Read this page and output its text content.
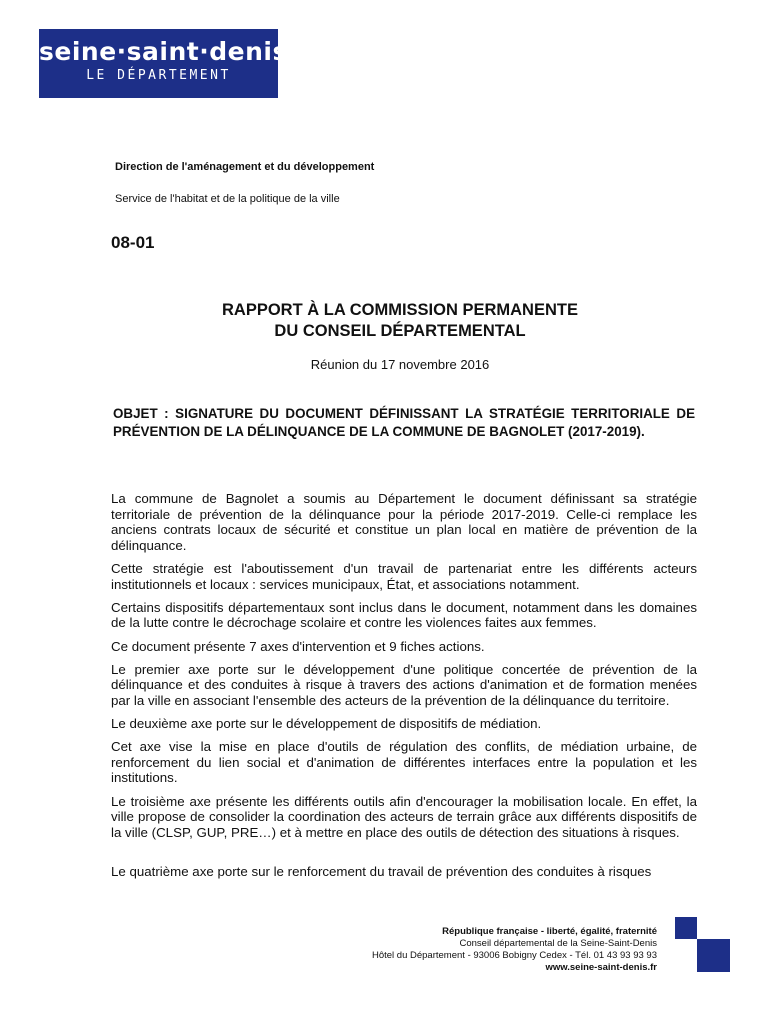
seine·saint·denis
LE DÉPARTEMENT
Direction de l'aménagement et du développement
Service de l'habitat et de la politique de la ville
08-01
RAPPORT À LA COMMISSION PERMANENTE
DU CONSEIL DÉPARTEMENTAL
Réunion du 17 novembre 2016
OBJET : SIGNATURE DU DOCUMENT DÉFINISSANT LA STRATÉGIE TERRITORIALE DE PRÉVENTION DE LA DÉLINQUANCE DE LA COMMUNE DE BAGNOLET (2017-2019).

La commune de Bagnolet a soumis au Département le document définissant sa stratégie territoriale de prévention de la délinquance pour la période 2017-2019. Celle-ci remplace les anciens contrats locaux de sécurité et constitue un plan local en matière de prévention de la délinquance.

Cette stratégie est l'aboutissement d'un travail de partenariat entre les différents acteurs institutionnels et locaux : services municipaux, État, et associations notamment.

Certains dispositifs départementaux sont inclus dans le document, notamment dans les domaines de la lutte contre le décrochage scolaire et contre les violences faites aux femmes.

Ce document présente 7 axes d'intervention et 9 fiches actions.

Le premier axe porte sur le développement d'une politique concertée de prévention de la délinquance et des conduites à risque à travers des actions d'animation et de formation menées par la ville en associant l'ensemble des acteurs de la prévention de la délinquance du territoire.

Le deuxième axe porte sur le développement de dispositifs de médiation.

Cet axe vise la mise en place d'outils de régulation des conflits, de médiation urbaine, de renforcement du lien social et d'animation de différentes interfaces entre la population et les institutions.

Le troisième axe présente les différents outils afin d'encourager la mobilisation locale. En effet, la ville propose de consolider la coordination des acteurs de terrain grâce aux différents dispositifs de la ville (CLSP, GUP, PRE…) et à mettre en place des outils de détection des situations à risques.

Le quatrième axe porte sur le renforcement du travail de prévention des conduites à risques

République française - liberté, égalité, fraternité
Conseil départemental de la Seine-Saint-Denis
Hôtel du Département - 93006 Bobigny Cedex - Tél. 01 43 93 93 93
www.seine-saint-denis.fr
